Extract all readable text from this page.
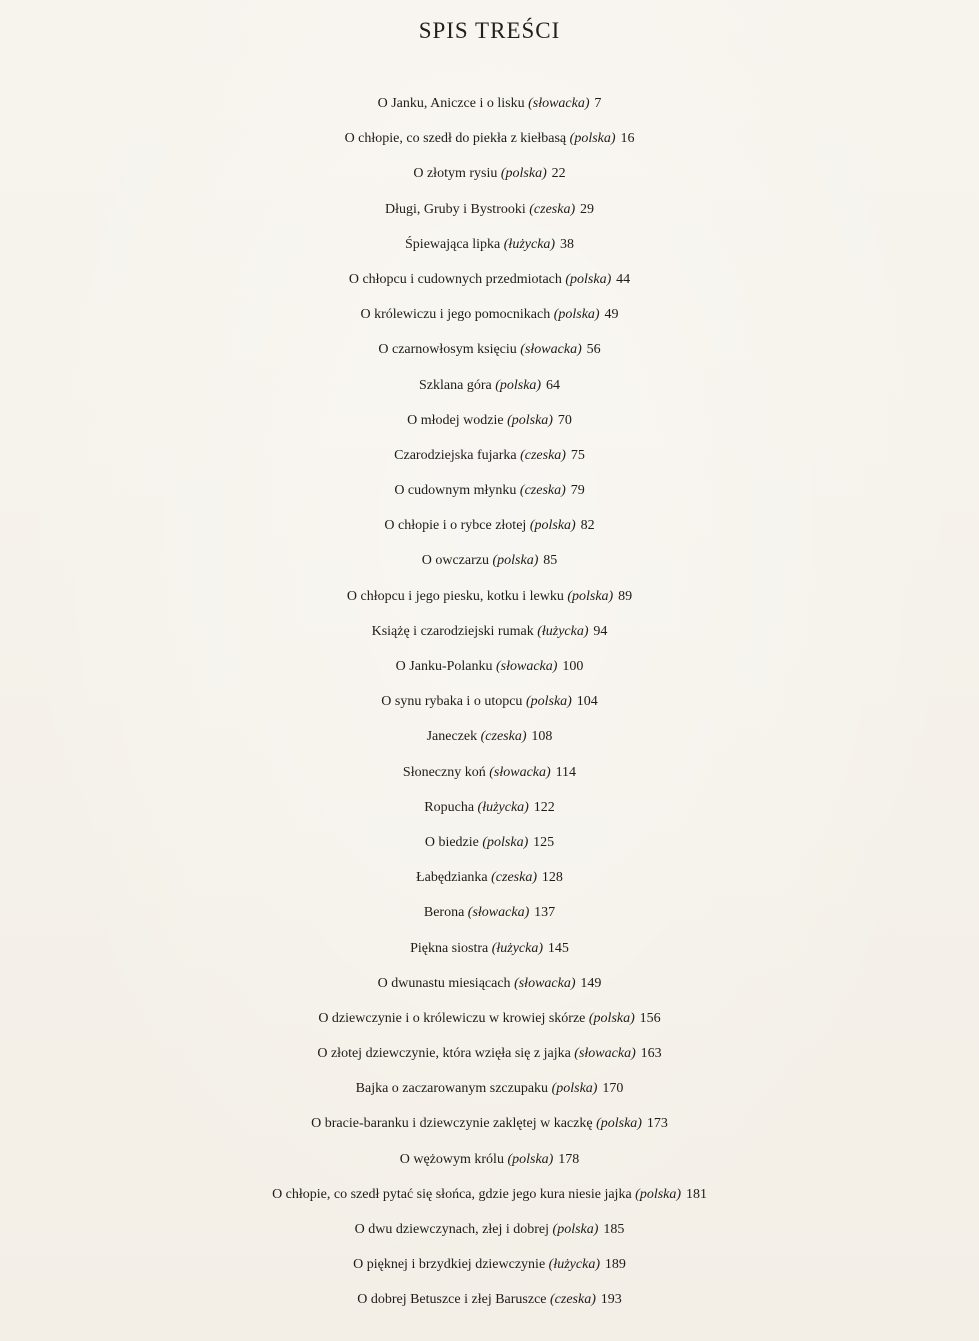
SPIS TREŚCI
O Janku, Aniczce i o lisku (słowacka) 7
O chłopie, co szedł do piekła z kiełbasą (polska) 16
O złotym rysiu (polska) 22
Długi, Gruby i Bystrooki (czeska) 29
Śpiewająca lipka (łużycka) 38
O chłopcu i cudownych przedmiotach (polska) 44
O królewiczu i jego pomocnikach (polska) 49
O czarnowłosym księciu (słowacka) 56
Szklana góra (polska) 64
O młodej wodzie (polska) 70
Czarodziejska fujarka (czeska) 75
O cudownym młynku (czeska) 79
O chłopie i o rybce złotej (polska) 82
O owczarzu (polska) 85
O chłopcu i jego piesku, kotku i lewku (polska) 89
Książę i czarodziejski rumak (łużycka) 94
O Janku-Polanku (słowacka) 100
O synu rybaka i o utopcu (polska) 104
Janeczek (czeska) 108
Słoneczny koń (słowacka) 114
Ropucha (łużycka) 122
O biedzie (polska) 125
Łabędzianka (czeska) 128
Berona (słowacka) 137
Piękna siostra (łużycka) 145
O dwunastu miesiącach (słowacka) 149
O dziewczynie i o królewiczu w krowiej skórze (polska) 156
O złotej dziewczynie, która wzięła się z jajka (słowacka) 163
Bajka o zaczarowanym szczupaku (polska) 170
O bracie-baranku i dziewczynie zaklętej w kaczkę (polska) 173
O wężowym królu (polska) 178
O chłopie, co szedł pytać się słońca, gdzie jego kura niesie jajka (polska) 181
O dwu dziewczynach, złej i dobrej (polska) 185
O pięknej i brzydkiej dziewczynie (łużycka) 189
O dobrej Betuszce i złej Baruszce (czeska) 193
